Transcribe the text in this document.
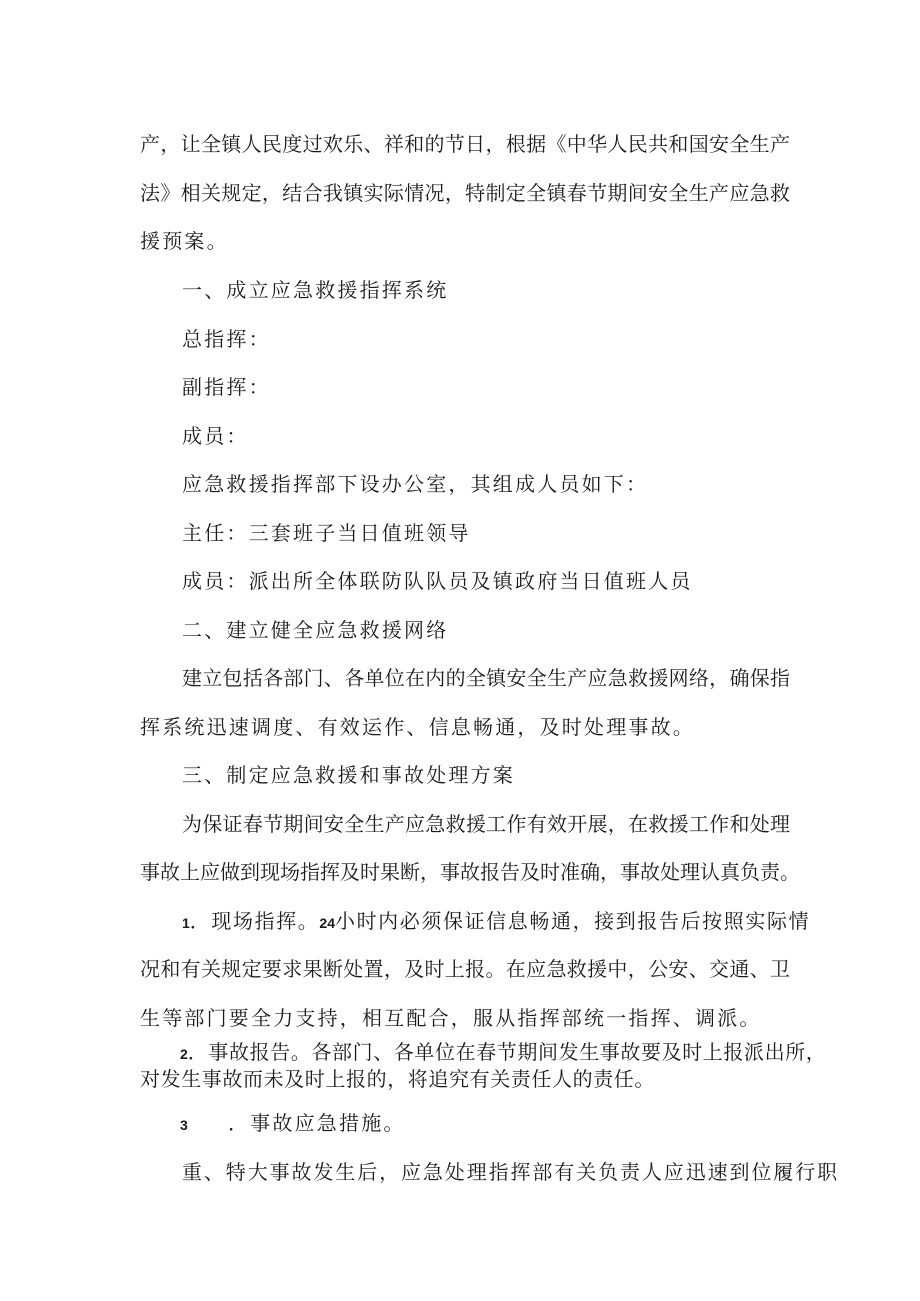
产，让全镇人民度过欢乐、祥和的节日，根据《中华人民共和国安全生产
法》相关规定，结合我镇实际情况，特制定全镇春节期间安全生产应急救
援预案。
一、成立应急救援指挥系统
总指挥：
副指挥：
成员：
应急救援指挥部下设办公室，其组成人员如下：
主任：三套班子当日值班领导
成员：派出所全体联防队队员及镇政府当日值班人员
二、建立健全应急救援网络
建立包括各部门、各单位在内的全镇安全生产应急救援网络，确保指
挥系统迅速调度、有效运作、信息畅通，及时处理事故。
三、制定应急救援和事故处理方案
为保证春节期间安全生产应急救援工作有效开展，在救援工作和处理
事故上应做到现场指挥及时果断，事故报告及时准确，事故处理认真负责。
1．现场指挥。24小时内必须保证信息畅通，接到报告后按照实际情
况和有关规定要求果断处置，及时上报。在应急救援中，公安、交通、卫
生等部门要全力支持，相互配合，服从指挥部统一指挥、调派。
2．事故报告。各部门、各单位在春节期间发生事故要及时上报派出所，
对发生事故而未及时上报的，将追究有关责任人的责任。
3 ．事故应急措施。
重、特大事故发生后，应急处理指挥部有关负责人应迅速到位履行职
